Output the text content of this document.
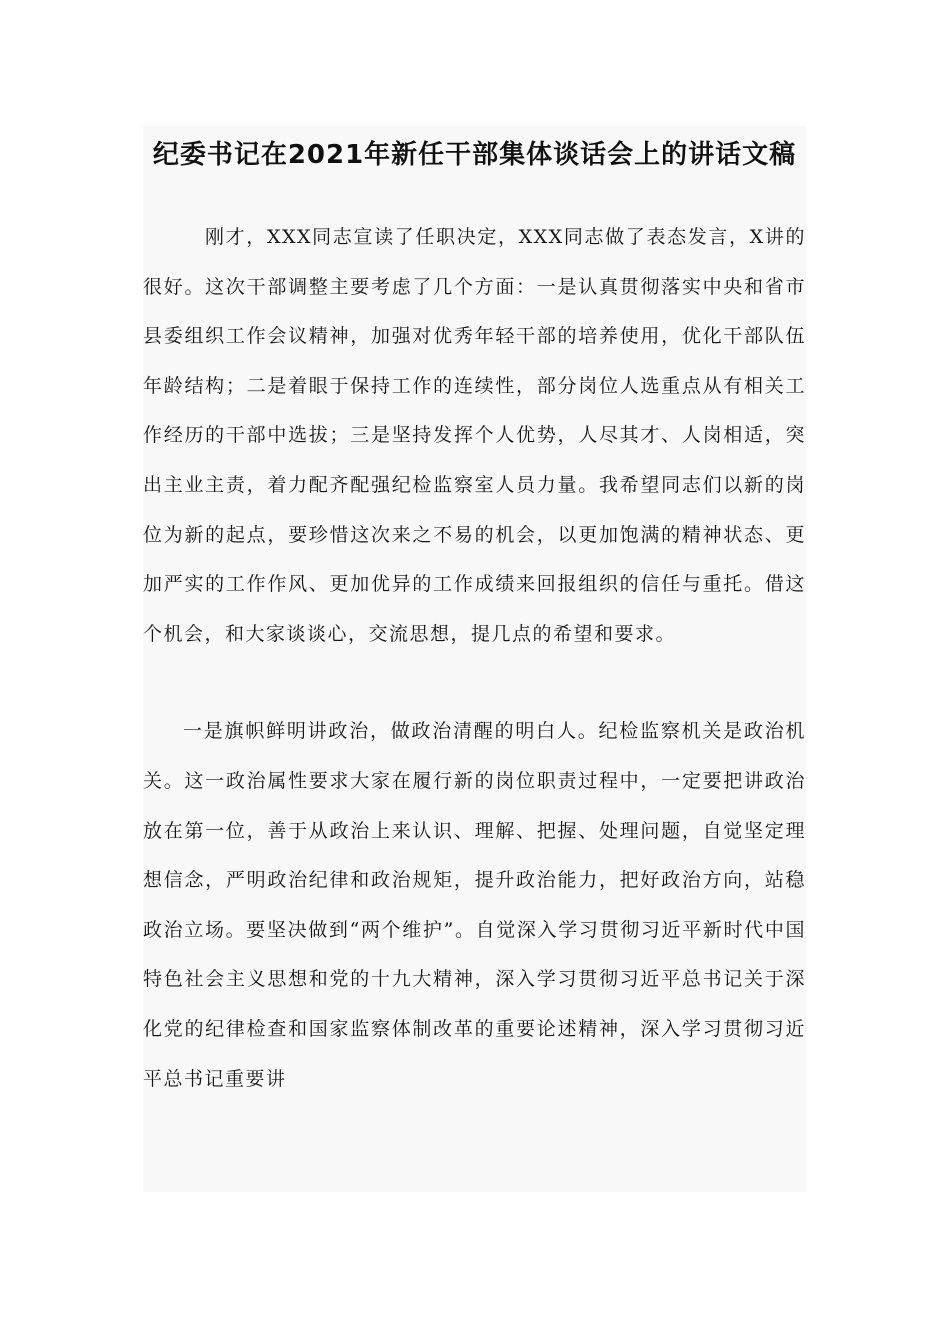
纪委书记在2021年新任干部集体谈话会上的讲话文稿

刚才，XXX同志宣读了任职决定，XXX同志做了表态发言，X讲的很好。这次干部调整主要考虑了几个方面：一是认真贯彻落实中央和省市县委组织工作会议精神，加强对优秀年轻干部的培养使用，优化干部队伍年龄结构；二是着眼于保持工作的连续性，部分岗位人选重点从有相关工作经历的干部中选拔；三是坚持发挥个人优势，人尽其才、人岗相适，突出主业主责，着力配齐配强纪检监察室人员力量。我希望同志们以新的岗位为新的起点，要珍惜这次来之不易的机会，以更加饱满的精神状态、更加严实的工作作风、更加优异的工作成绩来回报组织的信任与重托。借这个机会，和大家谈谈心，交流思想，提几点的希望和要求。

一是旗帜鲜明讲政治，做政治清醒的明白人。纪检监察机关是政治机关。这一政治属性要求大家在履行新的岗位职责过程中，一定要把讲政治放在第一位，善于从政治上来认识、理解、把握、处理问题，自觉坚定理想信念，严明政治纪律和政治规矩，提升政治能力，把好政治方向，站稳政治立场。要坚决做到“两个维护”。自觉深入学习贯彻习近平新时代中国特色社会主义思想和党的十九大精神，深入学习贯彻习近平总书记关于深化党的纪律检查和国家监察体制改革的重要论述精神，深入学习贯彻习近平总书记重要讲
